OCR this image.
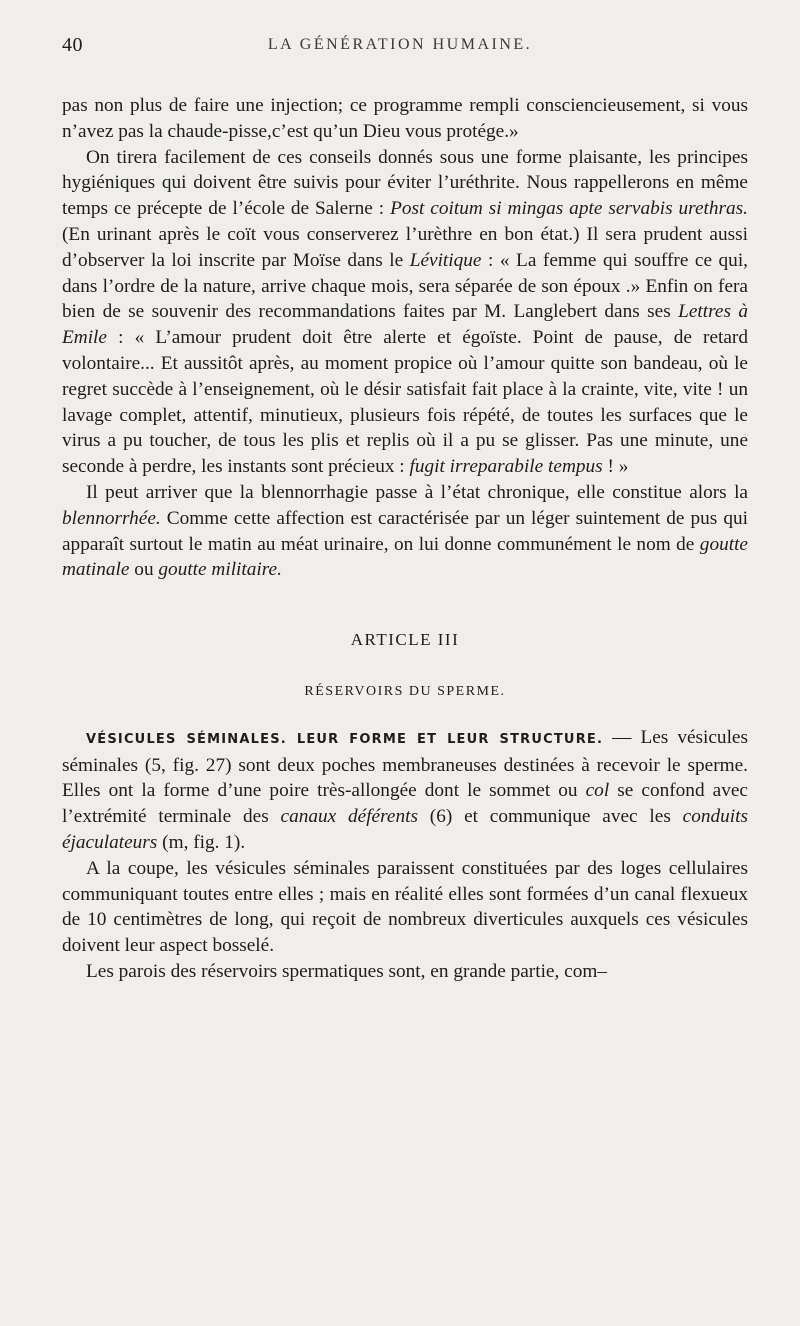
40	LA GÉNÉRATION HUMAINE.

pas non plus de faire une injection; ce programme rempli consciencieusement, si vous n’avez pas la chaude-pisse,c’est qu’un Dieu vous protége.»

On tirera facilement de ces conseils donnés sous une forme plaisante, les principes hygiéniques qui doivent être suivis pour éviter l’uréthrite. Nous rappellerons en même temps ce précepte de l’école de Salerne : Post coitum si mingas apte servabis urethras. (En urinant après le coït vous conserverez l’urèthre en bon état.) Il sera prudent aussi d’observer la loi inscrite par Moïse dans le Lévitique : « La femme qui souffre ce qui, dans l’ordre de la nature, arrive chaque mois, sera séparée de son époux .» Enfin on fera bien de se souvenir des recommandations faites par M. Langlebert dans ses Lettres à Emile : « L’amour prudent doit être alerte et égoïste. Point de pause, de retard volontaire... Et aussitôt après, au moment propice où l’amour quitte son bandeau, où le regret succède à l’enseignement, où le désir satisfait fait place à la crainte, vite, vite ! un lavage complet, attentif, minutieux, plusieurs fois répété, de toutes les surfaces que le virus a pu toucher, de tous les plis et replis où il a pu se glisser. Pas une minute, une seconde à perdre, les instants sont précieux : fugit irreparabile tempus ! »

Il peut arriver que la blennorrhagie passe à l’état chronique, elle constitue alors la blennorrhée. Comme cette affection est caractérisée par un léger suintement de pus qui apparaît surtout le matin au méat urinaire, on lui donne communément le nom de goutte matinale ou goutte militaire.

ARTICLE III
RÉSERVOIRS DU SPERME.

VÉSICULES SÉMINALES. LEUR FORME ET LEUR STRUCTURE. — Les vésicules séminales (5, fig. 27) sont deux poches membraneuses destinées à recevoir le sperme. Elles ont la forme d’une poire très-allongée dont le sommet ou col se confond avec l’extrémité terminale des canaux déférents (6) et communique avec les conduits éjaculateurs (m, fig. 1).

A la coupe, les vésicules séminales paraissent constituées par des loges cellulaires communiquant toutes entre elles ; mais en réalité elles sont formées d’un canal flexueux de 10 centimètres de long, qui reçoit de nombreux diverticules auxquels ces vésicules doivent leur aspect bosselé.

Les parois des réservoirs spermatiques sont, en grande partie, com–
